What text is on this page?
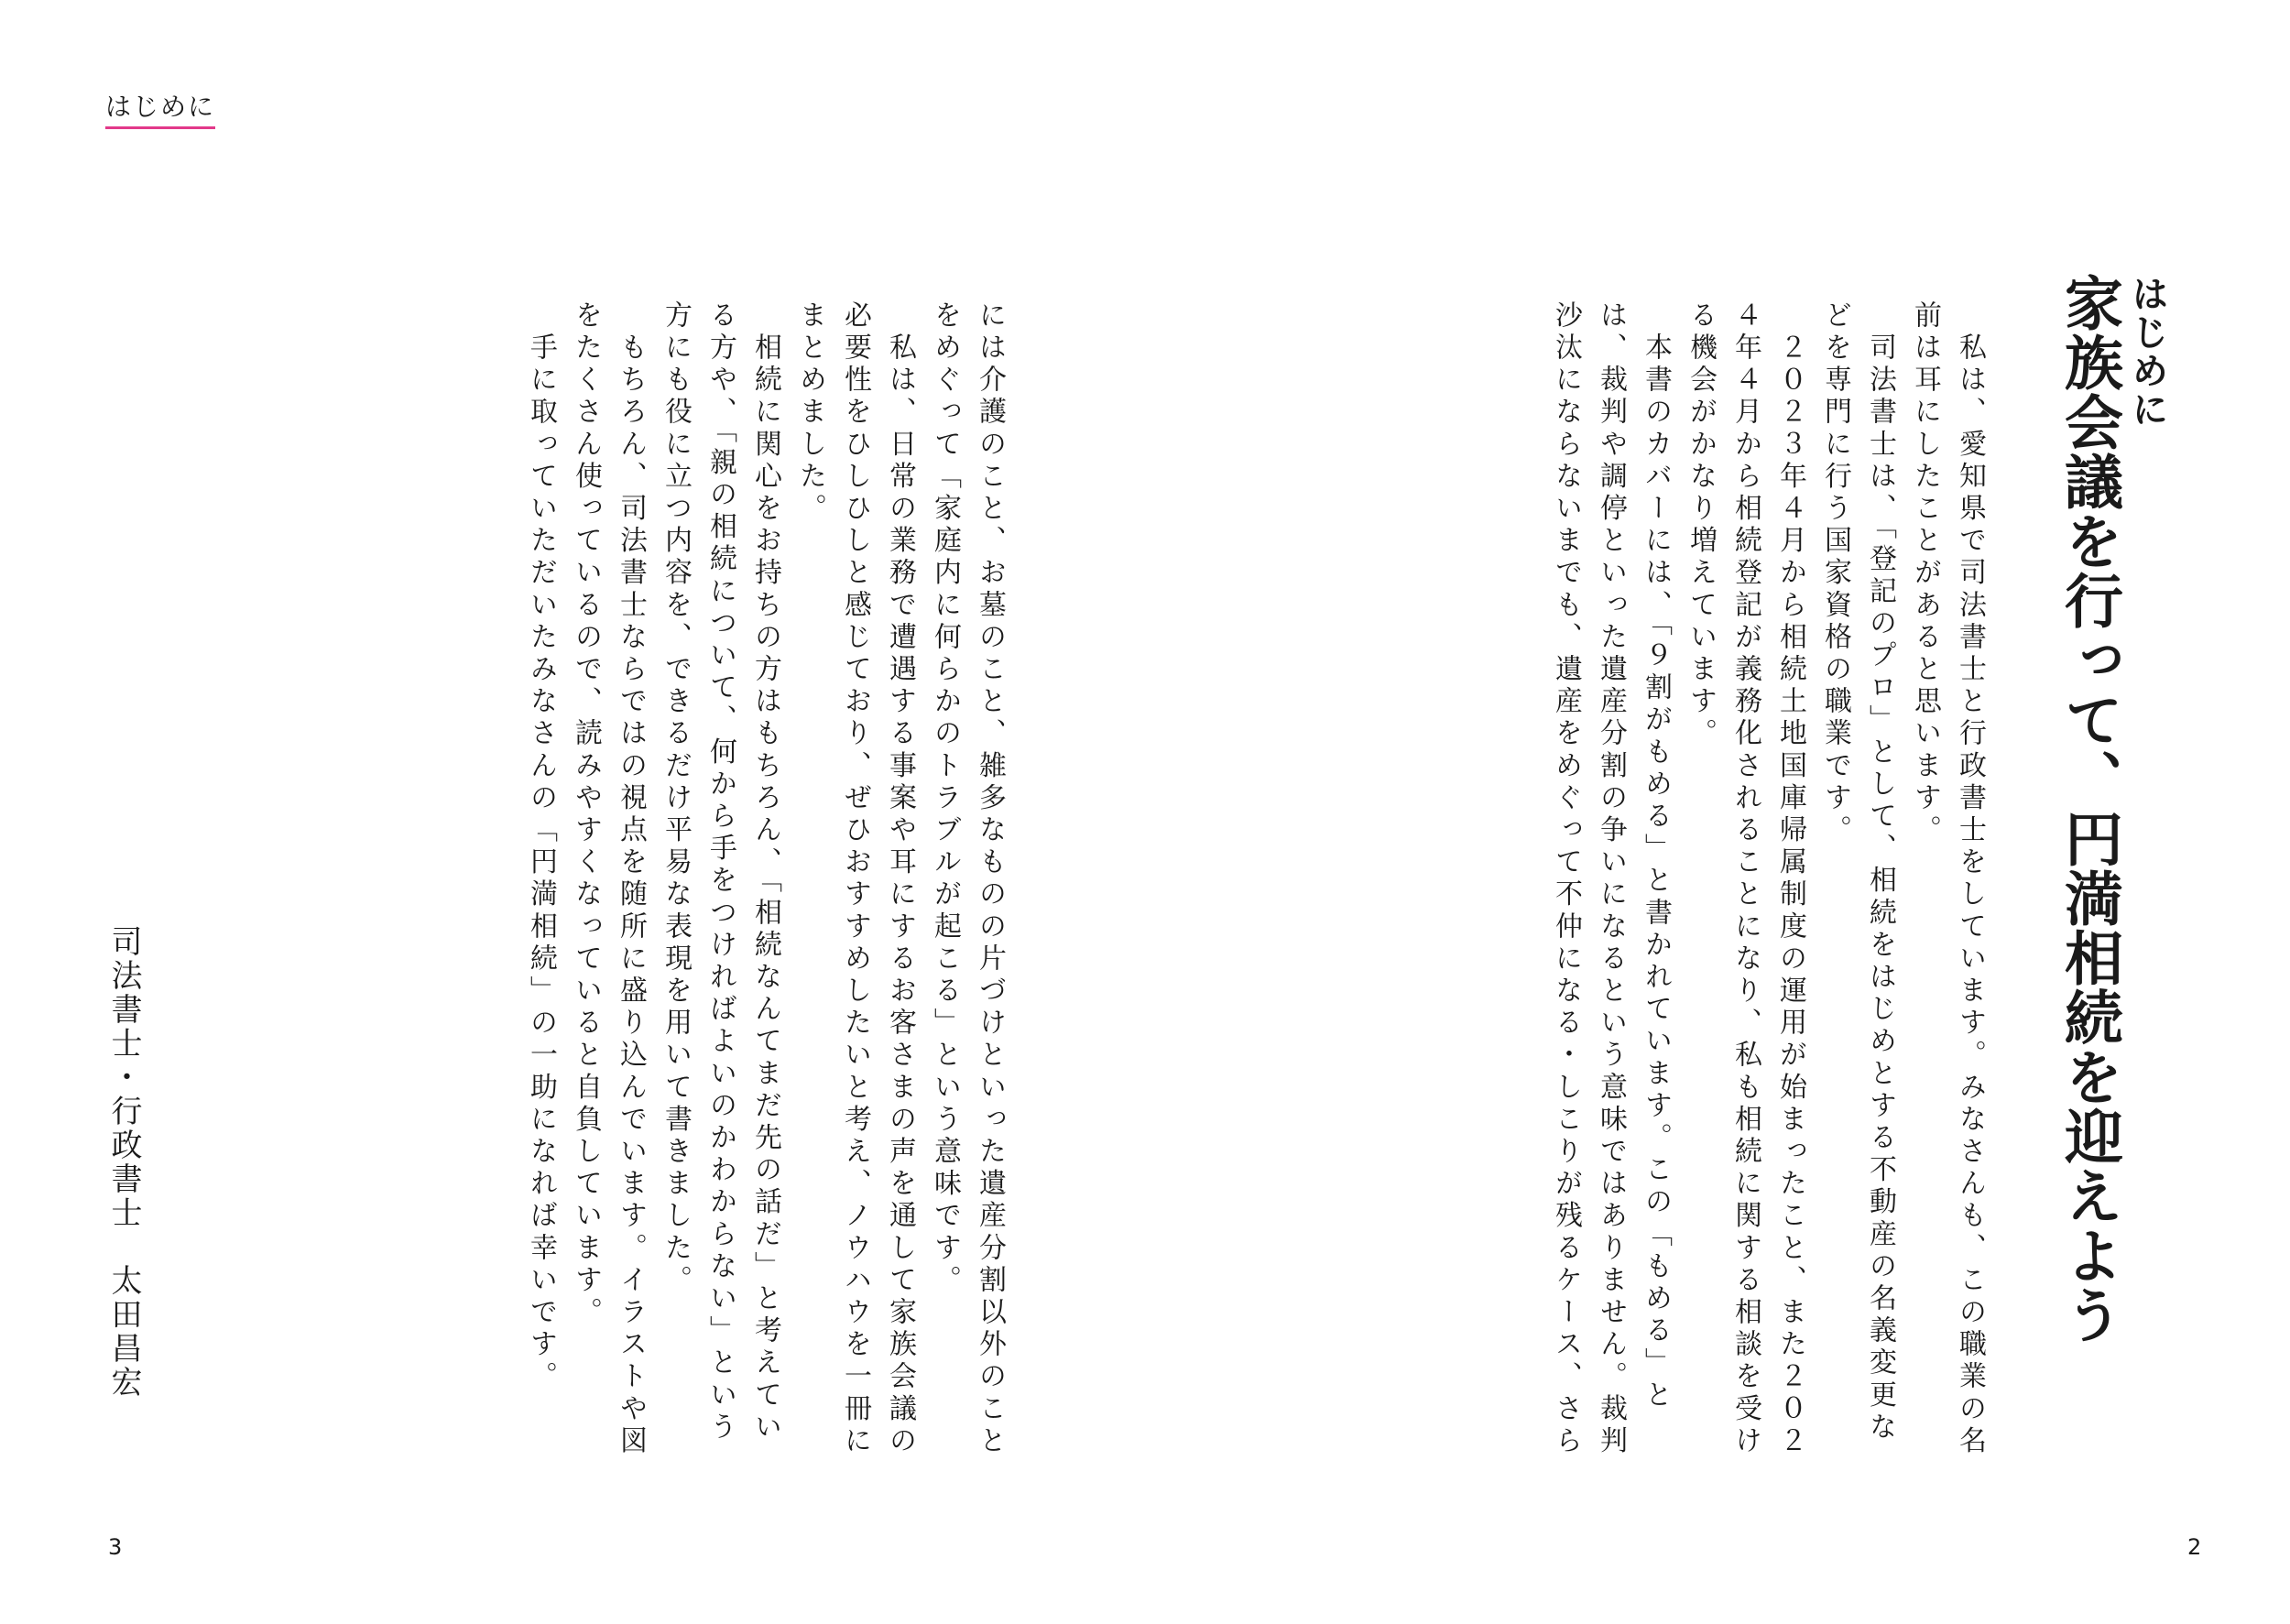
はじめに
はじめに
家族会議を行って、円満相続を迎えよう
　私は、愛知県で司法書士と行政書士をしています。みなさんも、この職業の名
前は耳にしたことがあると思います。
　司法書士は、「登記のプロ」として、相続をはじめとする不動産の名義変更な
どを専門に行う国家資格の職業です。
　２０２３年４月から相続土地国庫帰属制度の運用が始まったこと、また２０２
４年４月から相続登記が義務化されることになり、私も相続に関する相談を受け
る機会がかなり増えています。
　本書のカバーには、「９割がもめる」と書かれています。この「もめる」と
は、裁判や調停といった遺産分割の争いになるという意味ではありません。裁判
沙汰にならないまでも、遺産をめぐって不仲になる・しこりが残るケース、さら
には介護のこと、お墓のこと、雑多なものの片づけといった遺産分割以外のこと
をめぐって「家庭内に何らかのトラブルが起こる」という意味です。
　私は、日常の業務で遭遇する事案や耳にするお客さまの声を通して家族会議の
必要性をひしひしと感じており、ぜひおすすめしたいと考え、ノウハウを一冊に
まとめました。
　相続に関心をお持ちの方はもちろん、「相続なんてまだ先の話だ」と考えてい
る方や、「親の相続について、何から手をつければよいのかわからない」という
方にも役に立つ内容を、できるだけ平易な表現を用いて書きました。
　もちろん、司法書士ならではの視点を随所に盛り込んでいます。イラストや図
をたくさん使っているので、読みやすくなっていると自負しています。
　手に取っていただいたみなさんの「円満相続」の一助になれば幸いです。
司法書士・行政書士　太田昌宏
3	2
